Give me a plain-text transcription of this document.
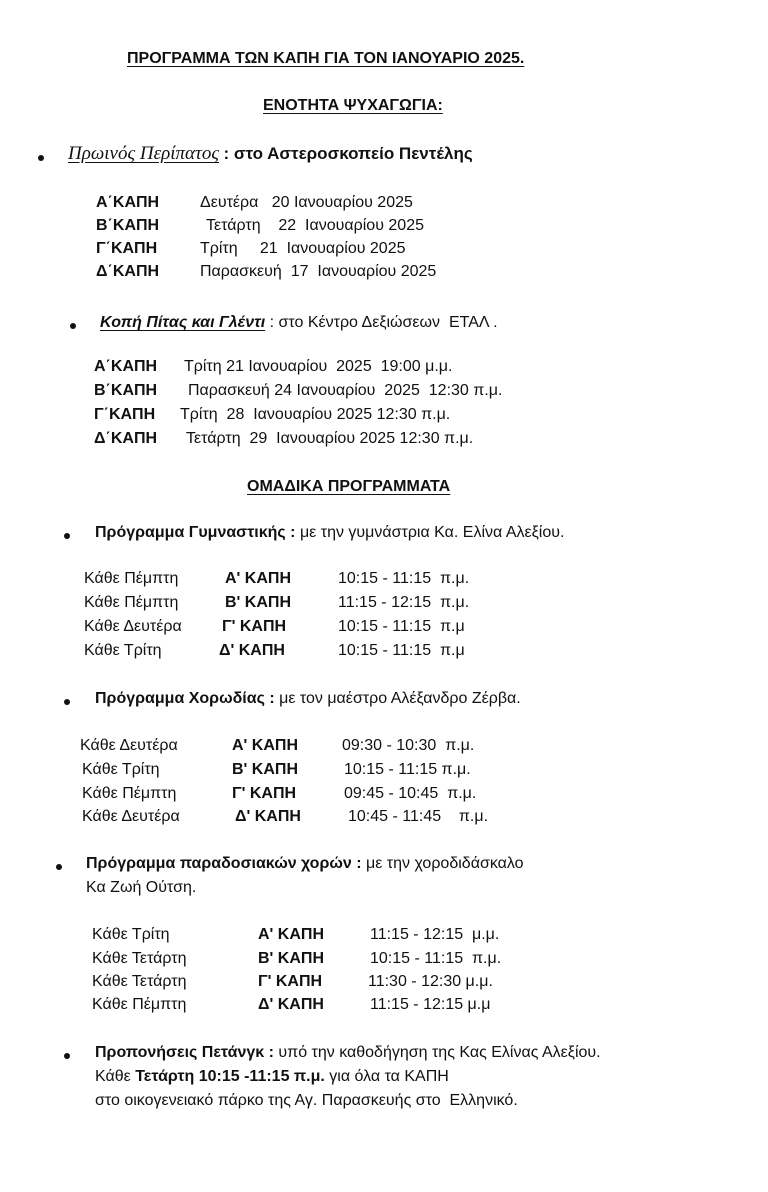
ΠΡΟΓΡΑΜΜΑ ΤΩΝ ΚΑΠΗ ΓΙΑ ΤΟΝ ΙΑΝΟΥΑΡΙΟ 2025.
ΕΝΟΤΗΤΑ ΨΥΧΑΓΩΓΙΑ:
Πρωινός Περίπατος : στο Αστεροσκοπείο Πεντέλης
Α΄ΚΑΠΗ	Δευτέρα   20 Ιανουαρίου 2025
Β΄ΚΑΠΗ	Τετάρτη    22  Ιανουαρίου 2025
Γ΄ΚΑΠΗ	Τρίτη     21  Ιανουαρίου 2025
Δ΄ΚΑΠΗ	Παρασκευή  17  Ιανουαρίου 2025
Κοπή Πίτας και Γλέντι : στο Κέντρο Δεξιώσεων  ΕΤΑΛ .
Α΄ΚΑΠΗ Τρίτη 21 Ιανουαρίου  2025  19:00 μ.μ.
Β΄ΚΑΠΗ Παρασκευή 24 Ιανουαρίου  2025  12:30 π.μ.
Γ΄ΚΑΠΗ Τρίτη  28  Ιανουαρίου 2025 12:30 π.μ.
Δ΄ΚΑΠΗ Τετάρτη  29  Ιανουαρίου 2025 12:30 π.μ.
ΟΜΑΔΙΚΑ ΠΡΟΓΡΑΜΜΑΤΑ
Πρόγραμμα Γυμναστικής : με την γυμνάστρια Κα. Ελίνα Αλεξίου.
Κάθε Πέμπτη	Α' ΚΑΠΗ	10:15 - 11:15  π.μ.
Κάθε Πέμπτη	Β' ΚΑΠΗ	11:15 - 12:15  π.μ.
Κάθε Δευτέρα	Γ' ΚΑΠΗ	10:15 - 11:15  π.μ
Κάθε Τρίτη	Δ' ΚΑΠΗ	10:15 - 11:15  π.μ
Πρόγραμμα Χορωδίας : με τον μαέστρο Αλέξανδρο Ζέρβα.
Κάθε Δευτέρα	Α' ΚΑΠΗ	09:30 - 10:30  π.μ.
Κάθε Τρίτη	Β' ΚΑΠΗ	10:15 - 11:15 π.μ.
Κάθε Πέμπτη	Γ' ΚΑΠΗ	09:45 - 10:45  π.μ.
Κάθε Δευτέρα	Δ' ΚΑΠΗ	10:45 - 11:45    π.μ.
Πρόγραμμα παραδοσιακών χορών : με την χοροδιδάσκαλο
Κα Ζωή Ούτση.
Κάθε Τρίτη	Α' ΚΑΠΗ	11:15 - 12:15  μ.μ.
Κάθε Τετάρτη	Β' ΚΑΠΗ	10:15 - 11:15  π.μ.
Κάθε Τετάρτη	Γ' ΚΑΠΗ	11:30 - 12:30 μ.μ.
Κάθε Πέμπτη	Δ' ΚΑΠΗ	11:15 - 12:15 μ.μ
Προπονήσεις Πετάνγκ : υπό την καθοδήγηση της Κας Ελίνας Αλεξίου.
Κάθε Τετάρτη 10:15 -11:15 π.μ. για όλα τα ΚΑΠΗ
στο οικογενειακό πάρκο της Αγ. Παρασκευής στο  Ελληνικό.
